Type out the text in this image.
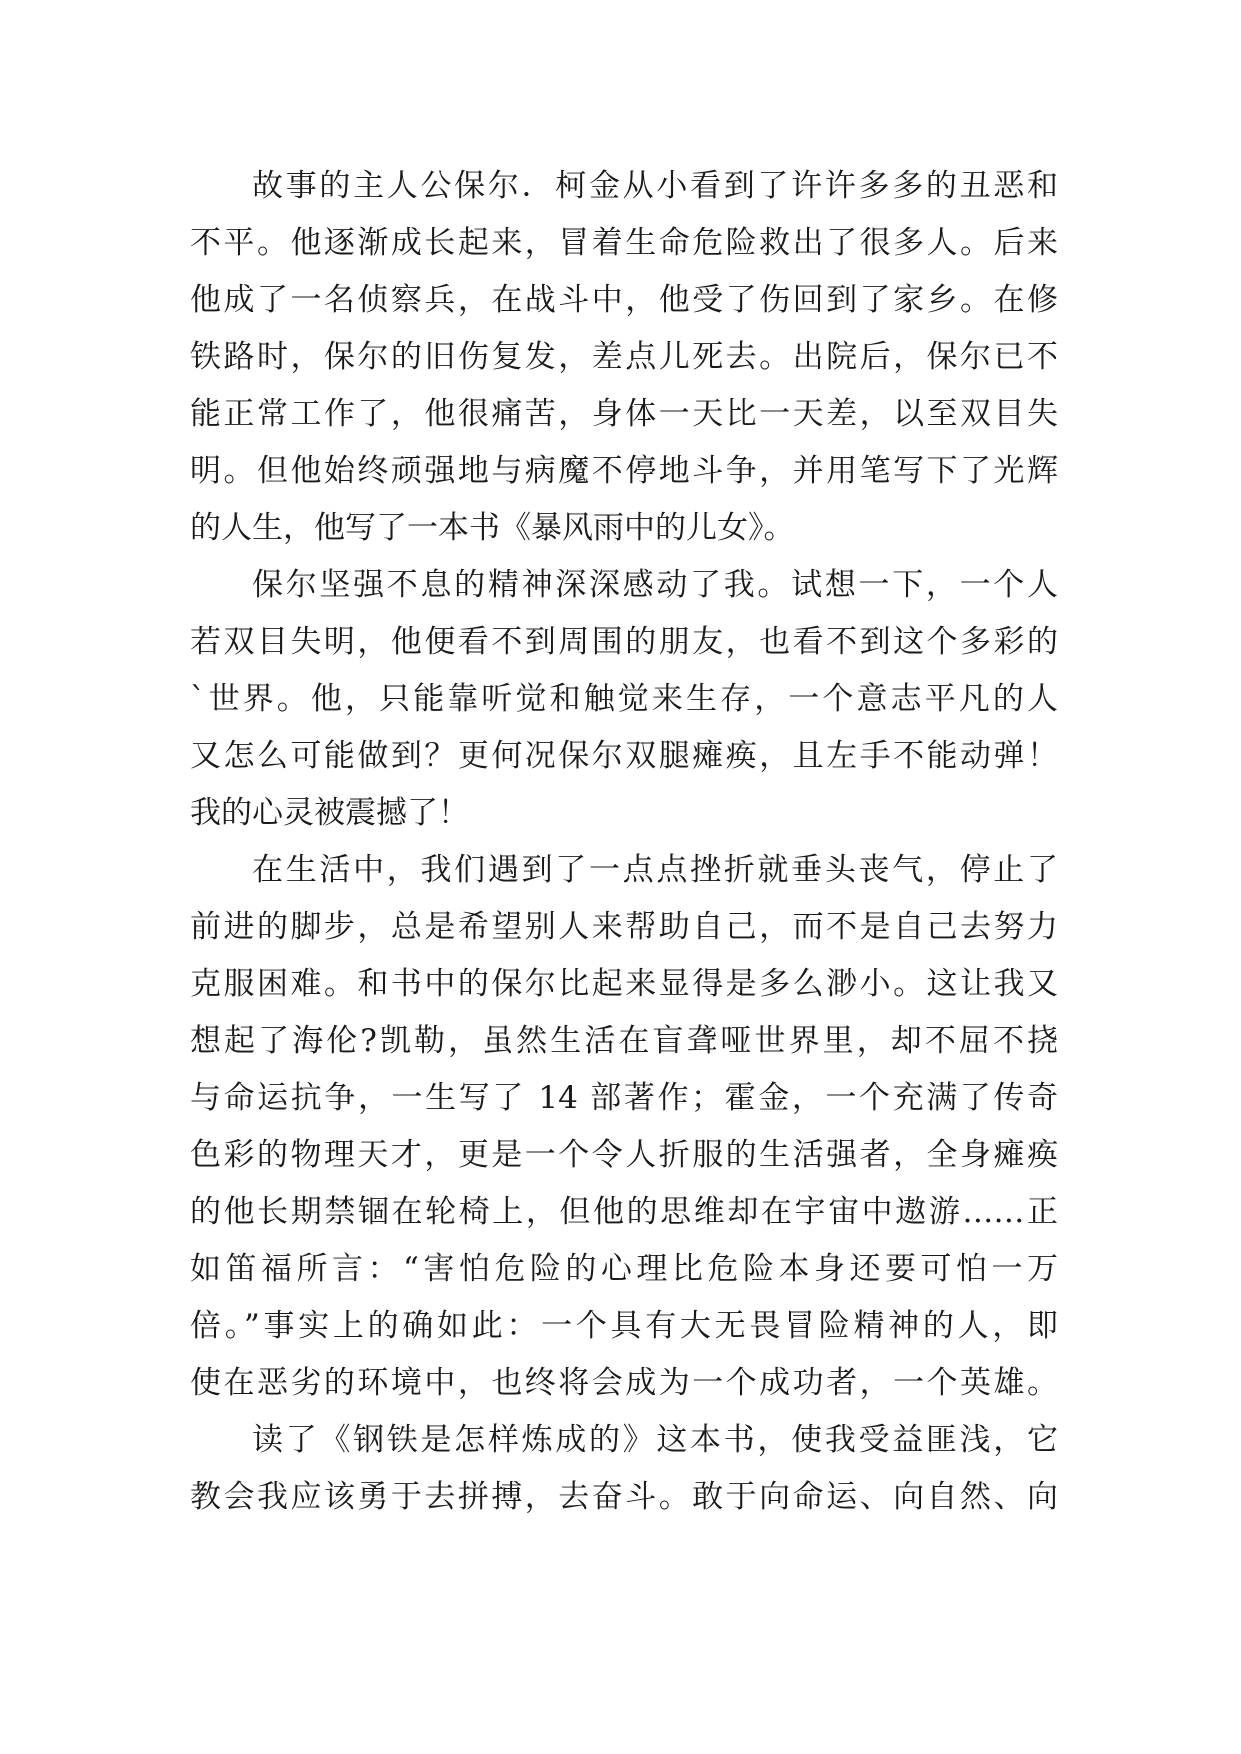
故事的主人公保尔．柯金从小看到了许许多多的丑恶和
不平。他逐渐成长起来，冒着生命危险救出了很多人。后来
他成了一名侦察兵，在战斗中，他受了伤回到了家乡。在修
铁路时，保尔的旧伤复发，差点儿死去。出院后，保尔已不
能正常工作了，他很痛苦，身体一天比一天差，以至双目失
明。但他始终顽强地与病魔不停地斗争，并用笔写下了光辉
的人生，他写了一本书《暴风雨中的儿女》。
保尔坚强不息的精神深深感动了我。试想一下，一个人
若双目失明，他便看不到周围的朋友，也看不到这个多彩的
`世界。他，只能靠听觉和触觉来生存，一个意志平凡的人
又怎么可能做到？更何况保尔双腿瘫痪，且左手不能动弹！
我的心灵被震撼了！
在生活中，我们遇到了一点点挫折就垂头丧气，停止了
前进的脚步，总是希望别人来帮助自己，而不是自己去努力
克服困难。和书中的保尔比起来显得是多么渺小。这让我又
想起了海伦?凯勒，虽然生活在盲聋哑世界里，却不屈不挠
与命运抗争，一生写了 14 部著作；霍金，一个充满了传奇
色彩的物理天才，更是一个令人折服的生活强者，全身瘫痪
的他长期禁锢在轮椅上，但他的思维却在宇宙中遨游……正
如笛福所言：“害怕危险的心理比危险本身还要可怕一万
倍。”事实上的确如此：一个具有大无畏冒险精神的人，即
使在恶劣的环境中，也终将会成为一个成功者，一个英雄。
读了《钢铁是怎样炼成的》这本书，使我受益匪浅，它
教会我应该勇于去拼搏，去奋斗。敢于向命运、向自然、向
